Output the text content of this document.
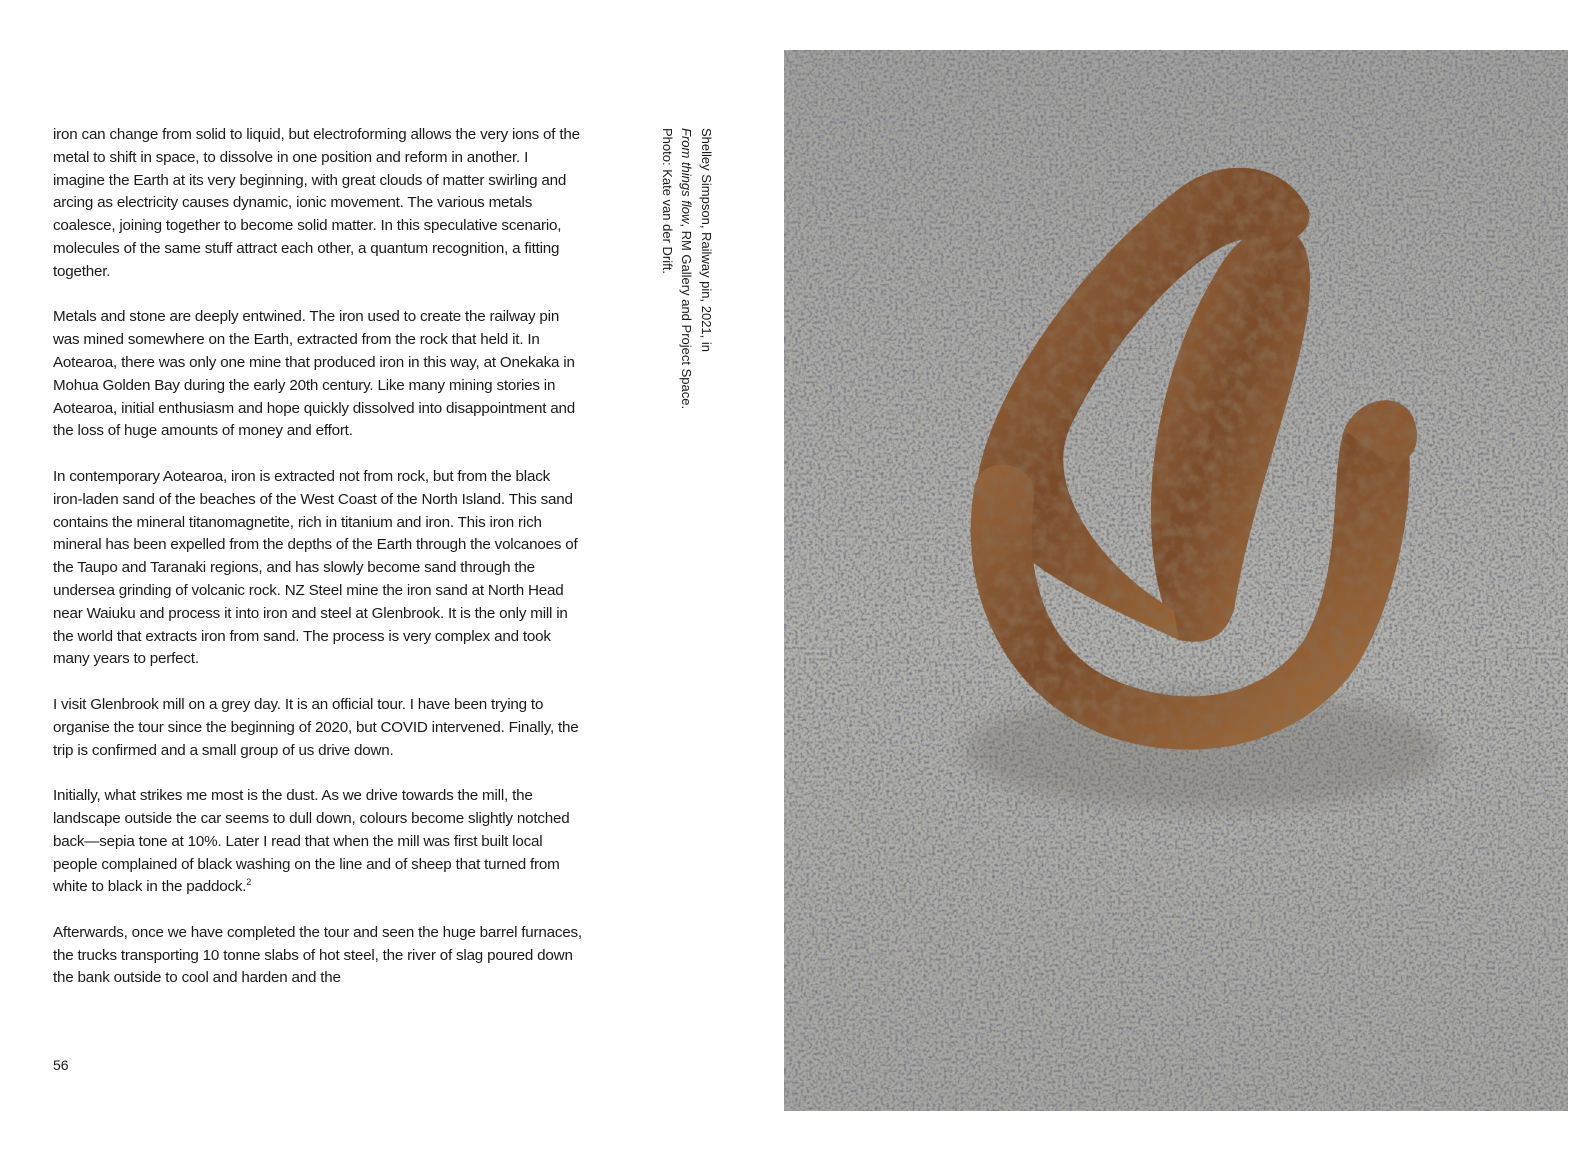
iron can change from solid to liquid, but electroforming allows the very ions of the metal to shift in space, to dissolve in one position and reform in another. I imagine the Earth at its very beginning, with great clouds of matter swirling and arcing as electricity causes dynamic, ionic movement. The various metals coalesce, joining together to become solid matter. In this speculative scenario, molecules of the same stuff attract each other, a quantum recognition, a fitting together.

Metals and stone are deeply entwined. The iron used to create the railway pin was mined somewhere on the Earth, extracted from the rock that held it. In Aotearoa, there was only one mine that produced iron in this way, at Onekaka in Mohua Golden Bay during the early 20th century. Like many mining stories in Aotearoa, initial enthusiasm and hope quickly dissolved into disappointment and the loss of huge amounts of money and effort.

In contemporary Aotearoa, iron is extracted not from rock, but from the black iron-laden sand of the beaches of the West Coast of the North Island. This sand contains the mineral titanomagnetite, rich in titanium and iron. This iron rich mineral has been expelled from the depths of the Earth through the volcanoes of the Taupo and Taranaki regions, and has slowly become sand through the undersea grinding of volcanic rock. NZ Steel mine the iron sand at North Head near Waiuku and process it into iron and steel at Glenbrook. It is the only mill in the world that extracts iron from sand. The process is very complex and took many years to perfect.

I visit Glenbrook mill on a grey day. It is an official tour. I have been trying to organise the tour since the beginning of 2020, but COVID intervened. Finally, the trip is confirmed and a small group of us drive down.

Initially, what strikes me most is the dust. As we drive towards the mill, the landscape outside the car seems to dull down, colours become slightly notched back—sepia tone at 10%. Later I read that when the mill was first built local people complained of black washing on the line and of sheep that turned from white to black in the paddock.$^2$

Afterwards, once we have completed the tour and seen the huge barrel furnaces, the trucks transporting 10 tonne slabs of hot steel, the river of slag poured down the bank outside to cool and harden and the

56
Shelley Simpson, Railway pin, 2021, in
From things flow, RM Gallery and Project Space.
Photo: Kate van der Drift.
